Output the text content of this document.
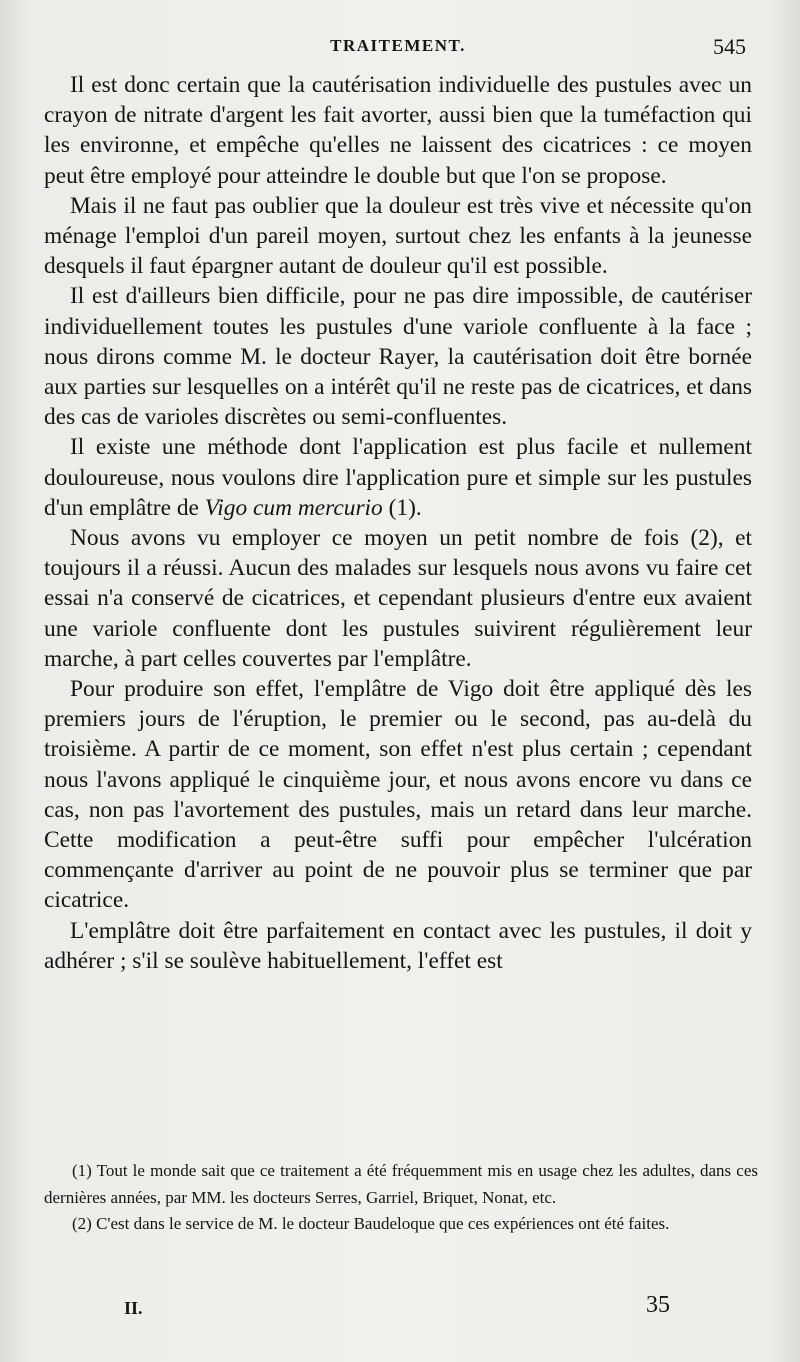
TRAITEMENT.	545

Il est donc certain que la cautérisation individuelle des pustules avec un crayon de nitrate d'argent les fait avorter, aussi bien que la tuméfaction qui les environne, et empêche qu'elles ne laissent des cicatrices : ce moyen peut être employé pour atteindre le double but que l'on se propose.

Mais il ne faut pas oublier que la douleur est très vive et nécessite qu'on ménage l'emploi d'un pareil moyen, surtout chez les enfants à la jeunesse desquels il faut épargner autant de douleur qu'il est possible.

Il est d'ailleurs bien difficile, pour ne pas dire impossible, de cautériser individuellement toutes les pustules d'une variole confluente à la face ; nous dirons comme M. le docteur Rayer, la cautérisation doit être bornée aux parties sur lesquelles on a intérêt qu'il ne reste pas de cicatrices, et dans des cas de varioles discrètes ou semi-confluentes.

Il existe une méthode dont l'application est plus facile et nullement douloureuse, nous voulons dire l'application pure et simple sur les pustules d'un emplâtre de Vigo cum mercurio (1).

Nous avons vu employer ce moyen un petit nombre de fois (2), et toujours il a réussi. Aucun des malades sur lesquels nous avons vu faire cet essai n'a conservé de cicatrices, et cependant plusieurs d'entre eux avaient une variole confluente dont les pustules suivirent régulièrement leur marche, à part celles couvertes par l'emplâtre.

Pour produire son effet, l'emplâtre de Vigo doit être appliqué dès les premiers jours de l'éruption, le premier ou le second, pas au-delà du troisième. A partir de ce moment, son effet n'est plus certain ; cependant nous l'avons appliqué le cinquième jour, et nous avons encore vu dans ce cas, non pas l'avortement des pustules, mais un retard dans leur marche. Cette modification a peut-être suffi pour empêcher l'ulcération commençante d'arriver au point de ne pouvoir plus se terminer que par cicatrice.

L'emplâtre doit être parfaitement en contact avec les pustules, il doit y adhérer ; s'il se soulève habituellement, l'effet est

(1) Tout le monde sait que ce traitement a été fréquemment mis en usage chez les adultes, dans ces dernières années, par MM. les docteurs Serres, Garriel, Briquet, Nonat, etc.

(2) C'est dans le service de M. le docteur Baudeloque que ces expériences ont été faites.

II.	35
